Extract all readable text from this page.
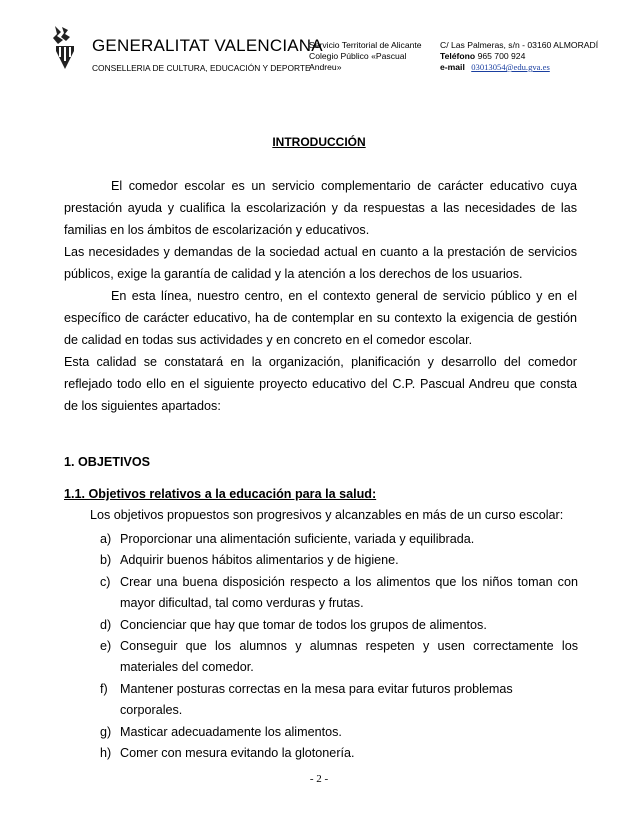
GENERALITAT VALENCIANA
CONSELLERIA DE CULTURA, EDUCACIÓN Y DEPORTE
Servicio Territorial de Alicante
Colegio Público «Pascual
Andreu»
C/ Las Palmeras, s/n - 03160 ALMORADÍ
Teléfono 965 700 924
e-mail 03013054@edu.gva.es
INTRODUCCIÓN
El comedor escolar es un servicio complementario de carácter educativo cuya
prestación ayuda y cualifica la escolarización y da respuestas a las necesidades de las
familias en los ámbitos de escolarización y educativos.
Las necesidades y demandas de la sociedad actual en cuanto a la prestación de servicios
públicos, exige la garantía de calidad y la atención a los derechos de los usuarios.
En esta línea, nuestro centro, en el contexto general de servicio público y en el
específico de carácter educativo, ha de contemplar en su contexto la exigencia de gestión
de calidad en todas sus actividades y en concreto en el comedor escolar.
Esta calidad se constatará en la organización, planificación y desarrollo del comedor
reflejado todo ello en el siguiente proyecto educativo del C.P. Pascual Andreu que consta
de los siguientes apartados:
1. OBJETIVOS
1.1. Objetivos relativos a la educación para la salud:
Los objetivos propuestos son progresivos y alcanzables en más de un curso escolar:
a) Proporcionar una alimentación suficiente, variada y equilibrada.
b) Adquirir buenos hábitos alimentarios y de higiene.
c) Crear una buena disposición respecto a los alimentos que los niños toman con
mayor dificultad, tal como verduras y frutas.
d) Concienciar que hay que tomar de todos los grupos de alimentos.
e) Conseguir que los alumnos y alumnas respeten y usen correctamente los
materiales del comedor.
f) Mantener posturas correctas en la mesa para evitar futuros problemas corporales.
g) Masticar adecuadamente los alimentos.
h) Comer con mesura evitando la glotonería.
- 2 -
